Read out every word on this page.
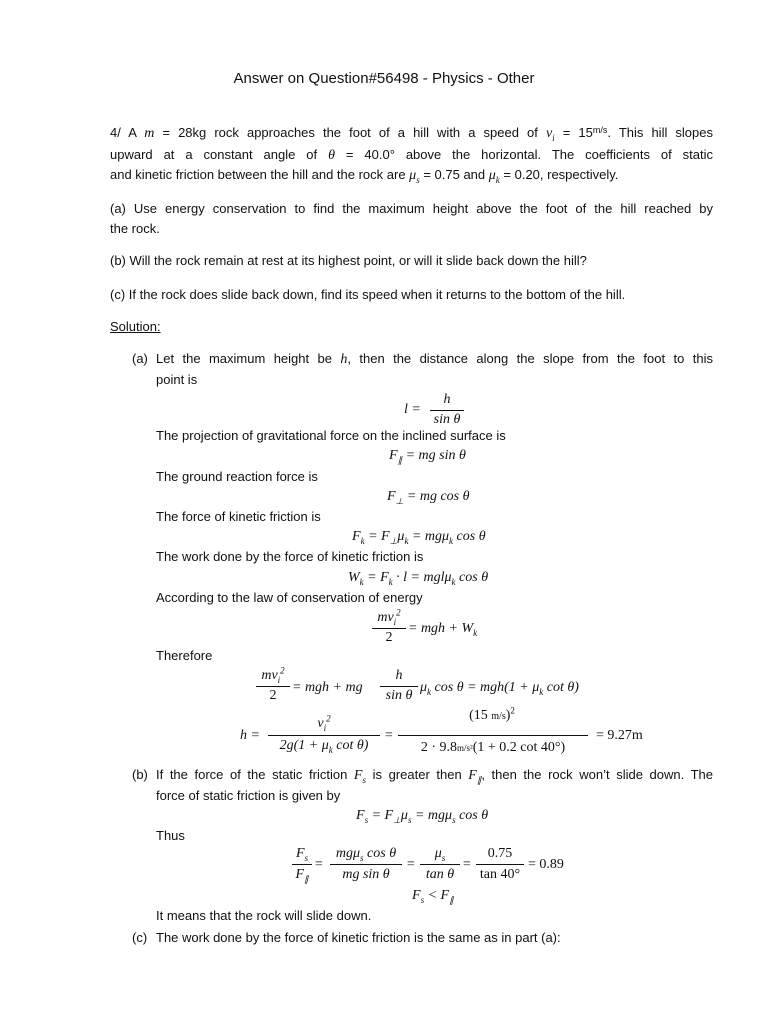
Answer on Question#56498 - Physics - Other
4/ A m = 28kg rock approaches the foot of a hill with a speed of $v_i = 15^{m/s}$. This hill slopes
upward at a constant angle of θ = 40.0° above the horizontal. The coefficients of static
and kinetic friction between the hill and the rock are $\mu_s = 0.75$ and $\mu_k = 0.20$, respectively.
(a) Use energy conservation to find the maximum height above the foot of the hill reached by
the rock.
(b) Will the rock remain at rest at its highest point, or will it slide back down the hill?
(c) If the rock does slide back down, find its speed when it returns to the bottom of the hill.
Solution:
(a) Let the maximum height be h, then the distance along the slope from the foot to this
point is
l =
h
sin θ
The projection of gravitational force on the inclined surface is
$F_\parallel$ = mg sin θ
The ground reaction force is
$F_\perp$ = mg cos θ
The force of kinetic friction is
$F_k = F_\perp\mu_k = mg\mu_k$ cos θ
The work done by the force of kinetic friction is
$W_k = F_k \cdot l = mgl\mu_k$ cos θ
According to the law of conservation of energy
$mv_i^2$
2
= mgh + $W_k$
Therefore
$mv_i^2$
2
= mgh + mg
h
sin θ
$\mu_k$ $\cos \theta = mgh(1 + \mu_k$ cot θ)
h =
$v_i^2$
$2g(1 + \mu_k$ cot θ)
=
(15 m/s)$^2$
2 · 9.8m/s²(1 + 0.2 cot 40°)
= 9.27m
(b) If the force of the static friction $F_s$ is greater then $F_\parallel$, then the rock won’t slide down. The
force of static friction is given by
$F_s = F_\perp\mu_s = mg\mu_s$ cos θ
Thus
$F_s$
$F_\parallel$
=
mgμ$_s$ cos θ
mg sin θ
=
$\mu_s$
tan θ
=
0.75
tan 40°
= 0.89
$F_s < F_\parallel$
It means that the rock will slide down.
(c) The work done by the force of kinetic friction is the same as in part (a):
